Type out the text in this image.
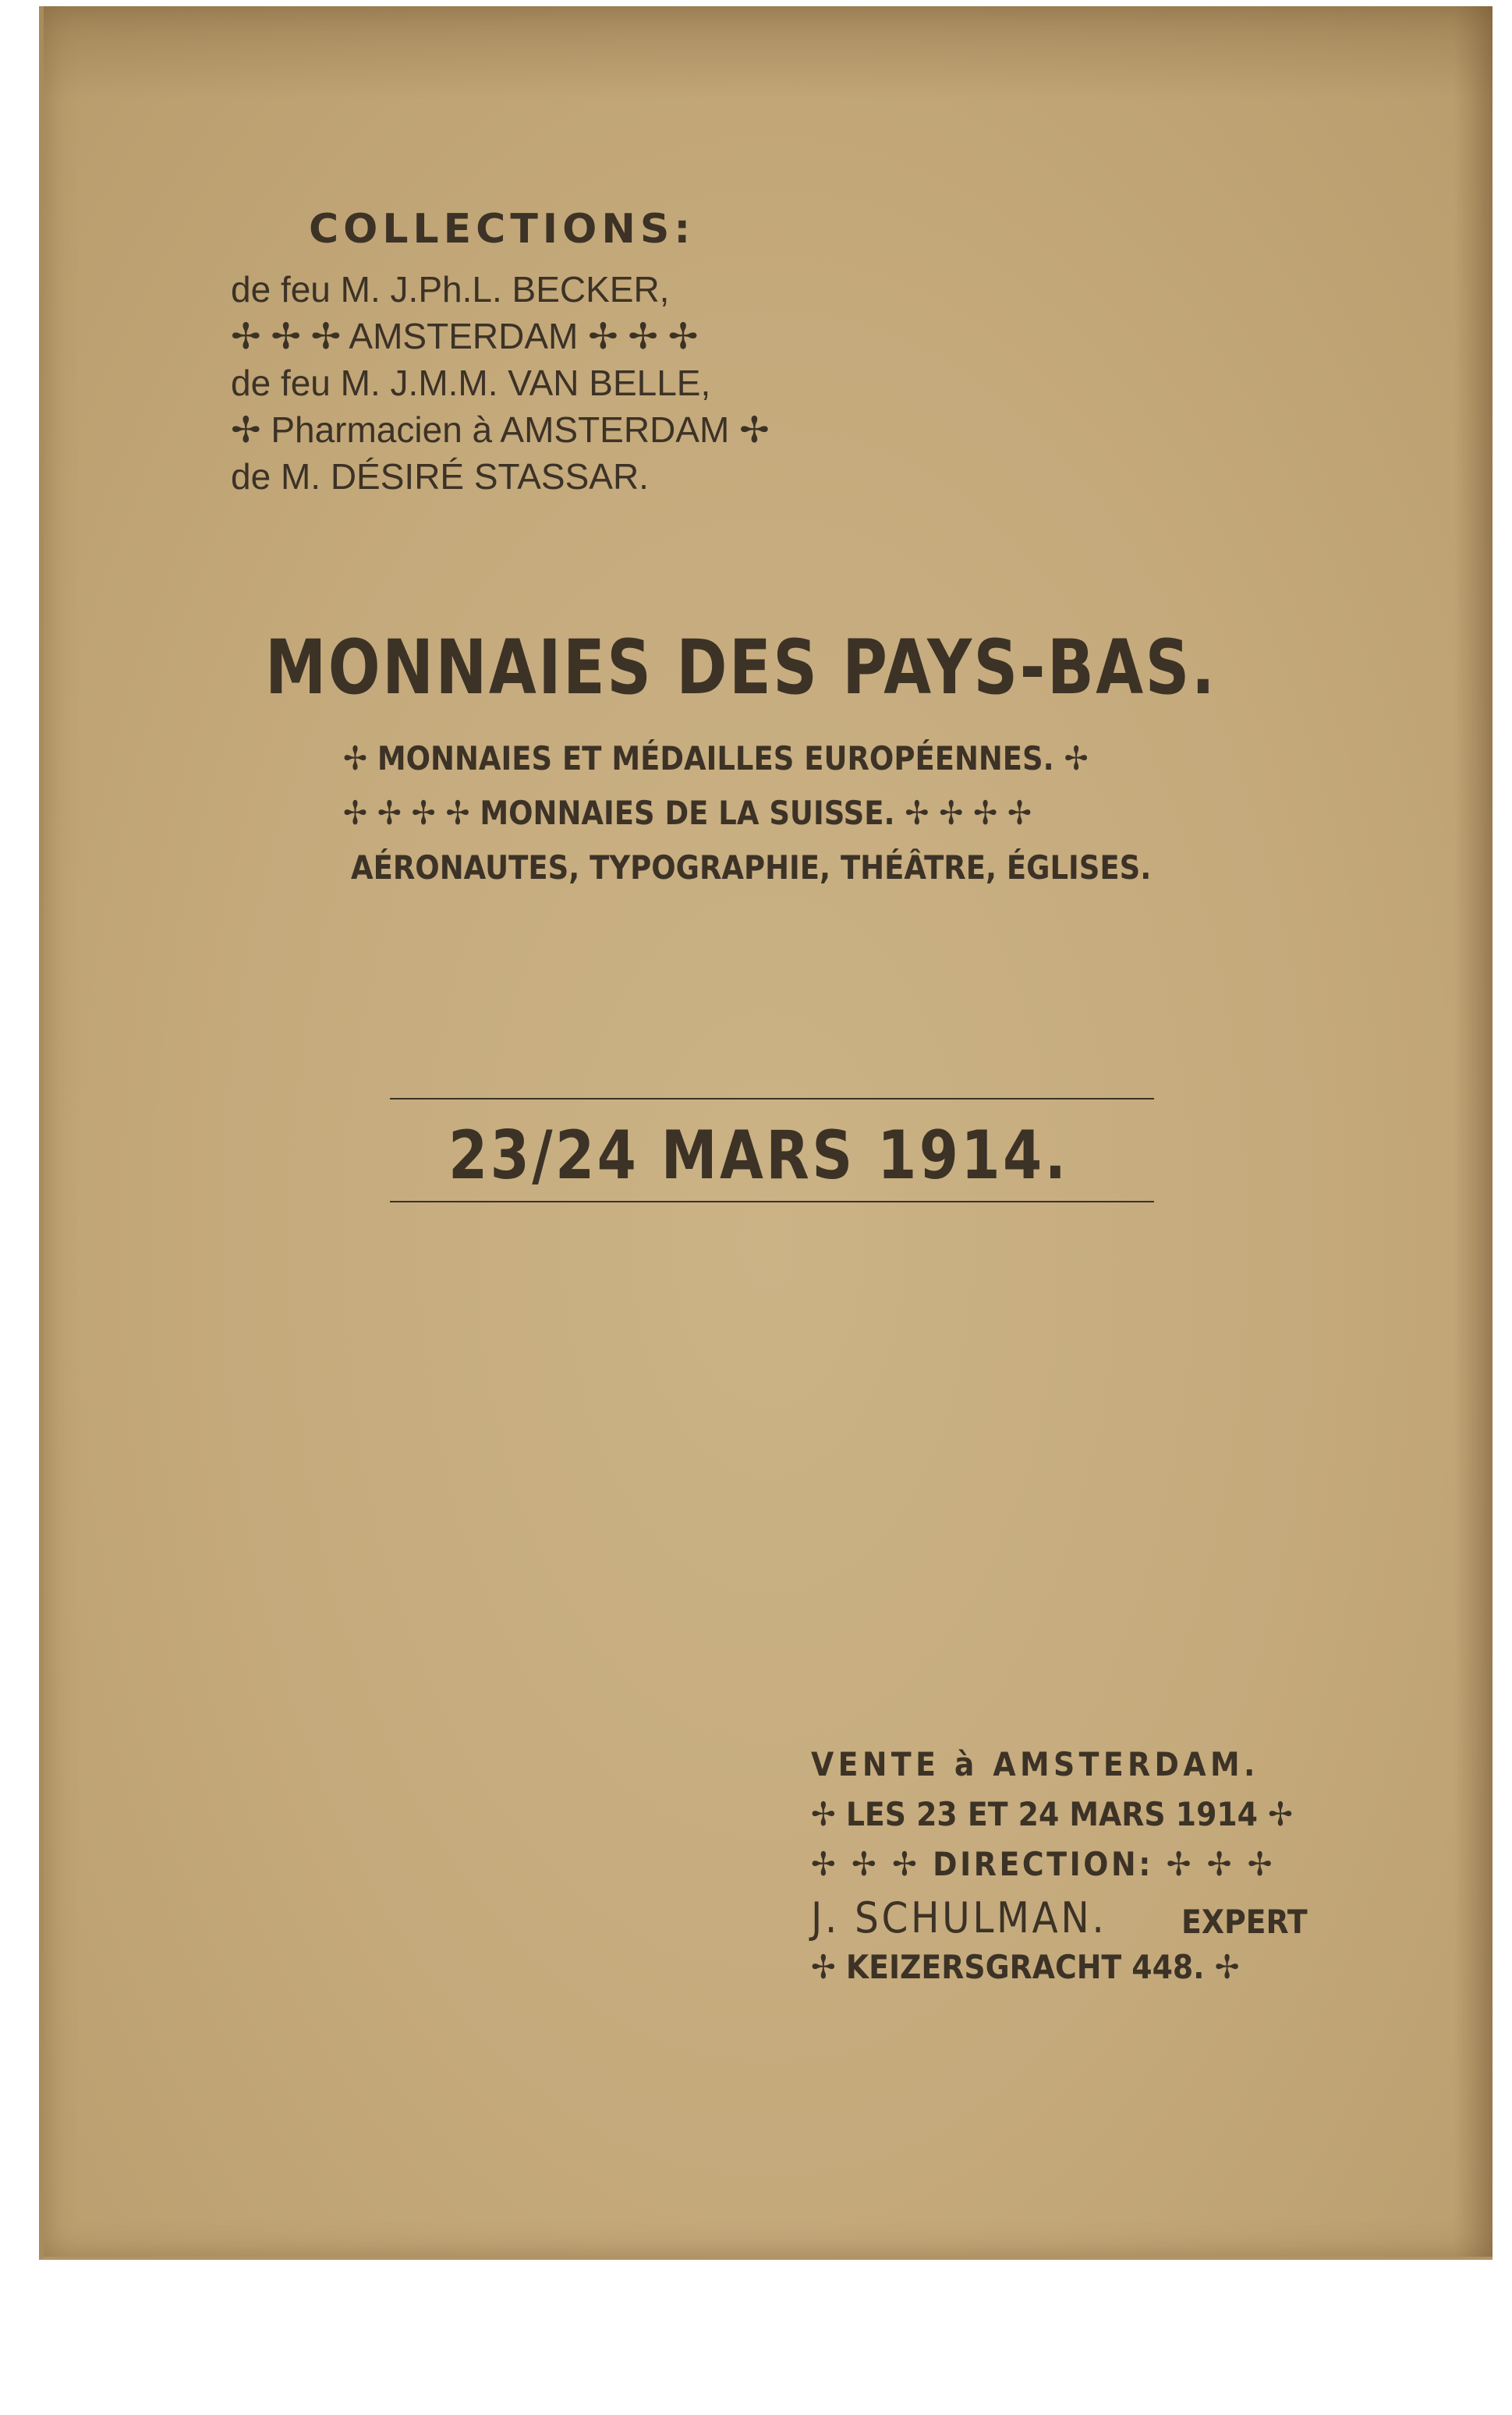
COLLECTIONS:
de feu M. J.Ph.L. BECKER,
✢ ✢ ✢ AMSTERDAM ✢ ✢ ✢
de feu M. J.M.M. VAN BELLE,
✢ Pharmacien à AMSTERDAM ✢
de M. DÉSIRÉ STASSAR.
MONNAIES DES PAYS-BAS.
✢ MONNAIES ET MÉDAILLES EUROPÉENNES. ✢
✢ ✢ ✢ ✢ MONNAIES DE LA SUISSE. ✢ ✢ ✢ ✢
AÉRONAUTES, TYPOGRAPHIE, THÉÂTRE, ÉGLISES.
23/24 MARS 1914.
VENTE à AMSTERDAM.
✢ LES 23 ET 24 MARS 1914 ✢
✢ ✢ ✢ DIRECTION: ✢ ✢ ✢
J. SCHULMAN. EXPERT
✢ KEIZERSGRACHT 448. ✢
